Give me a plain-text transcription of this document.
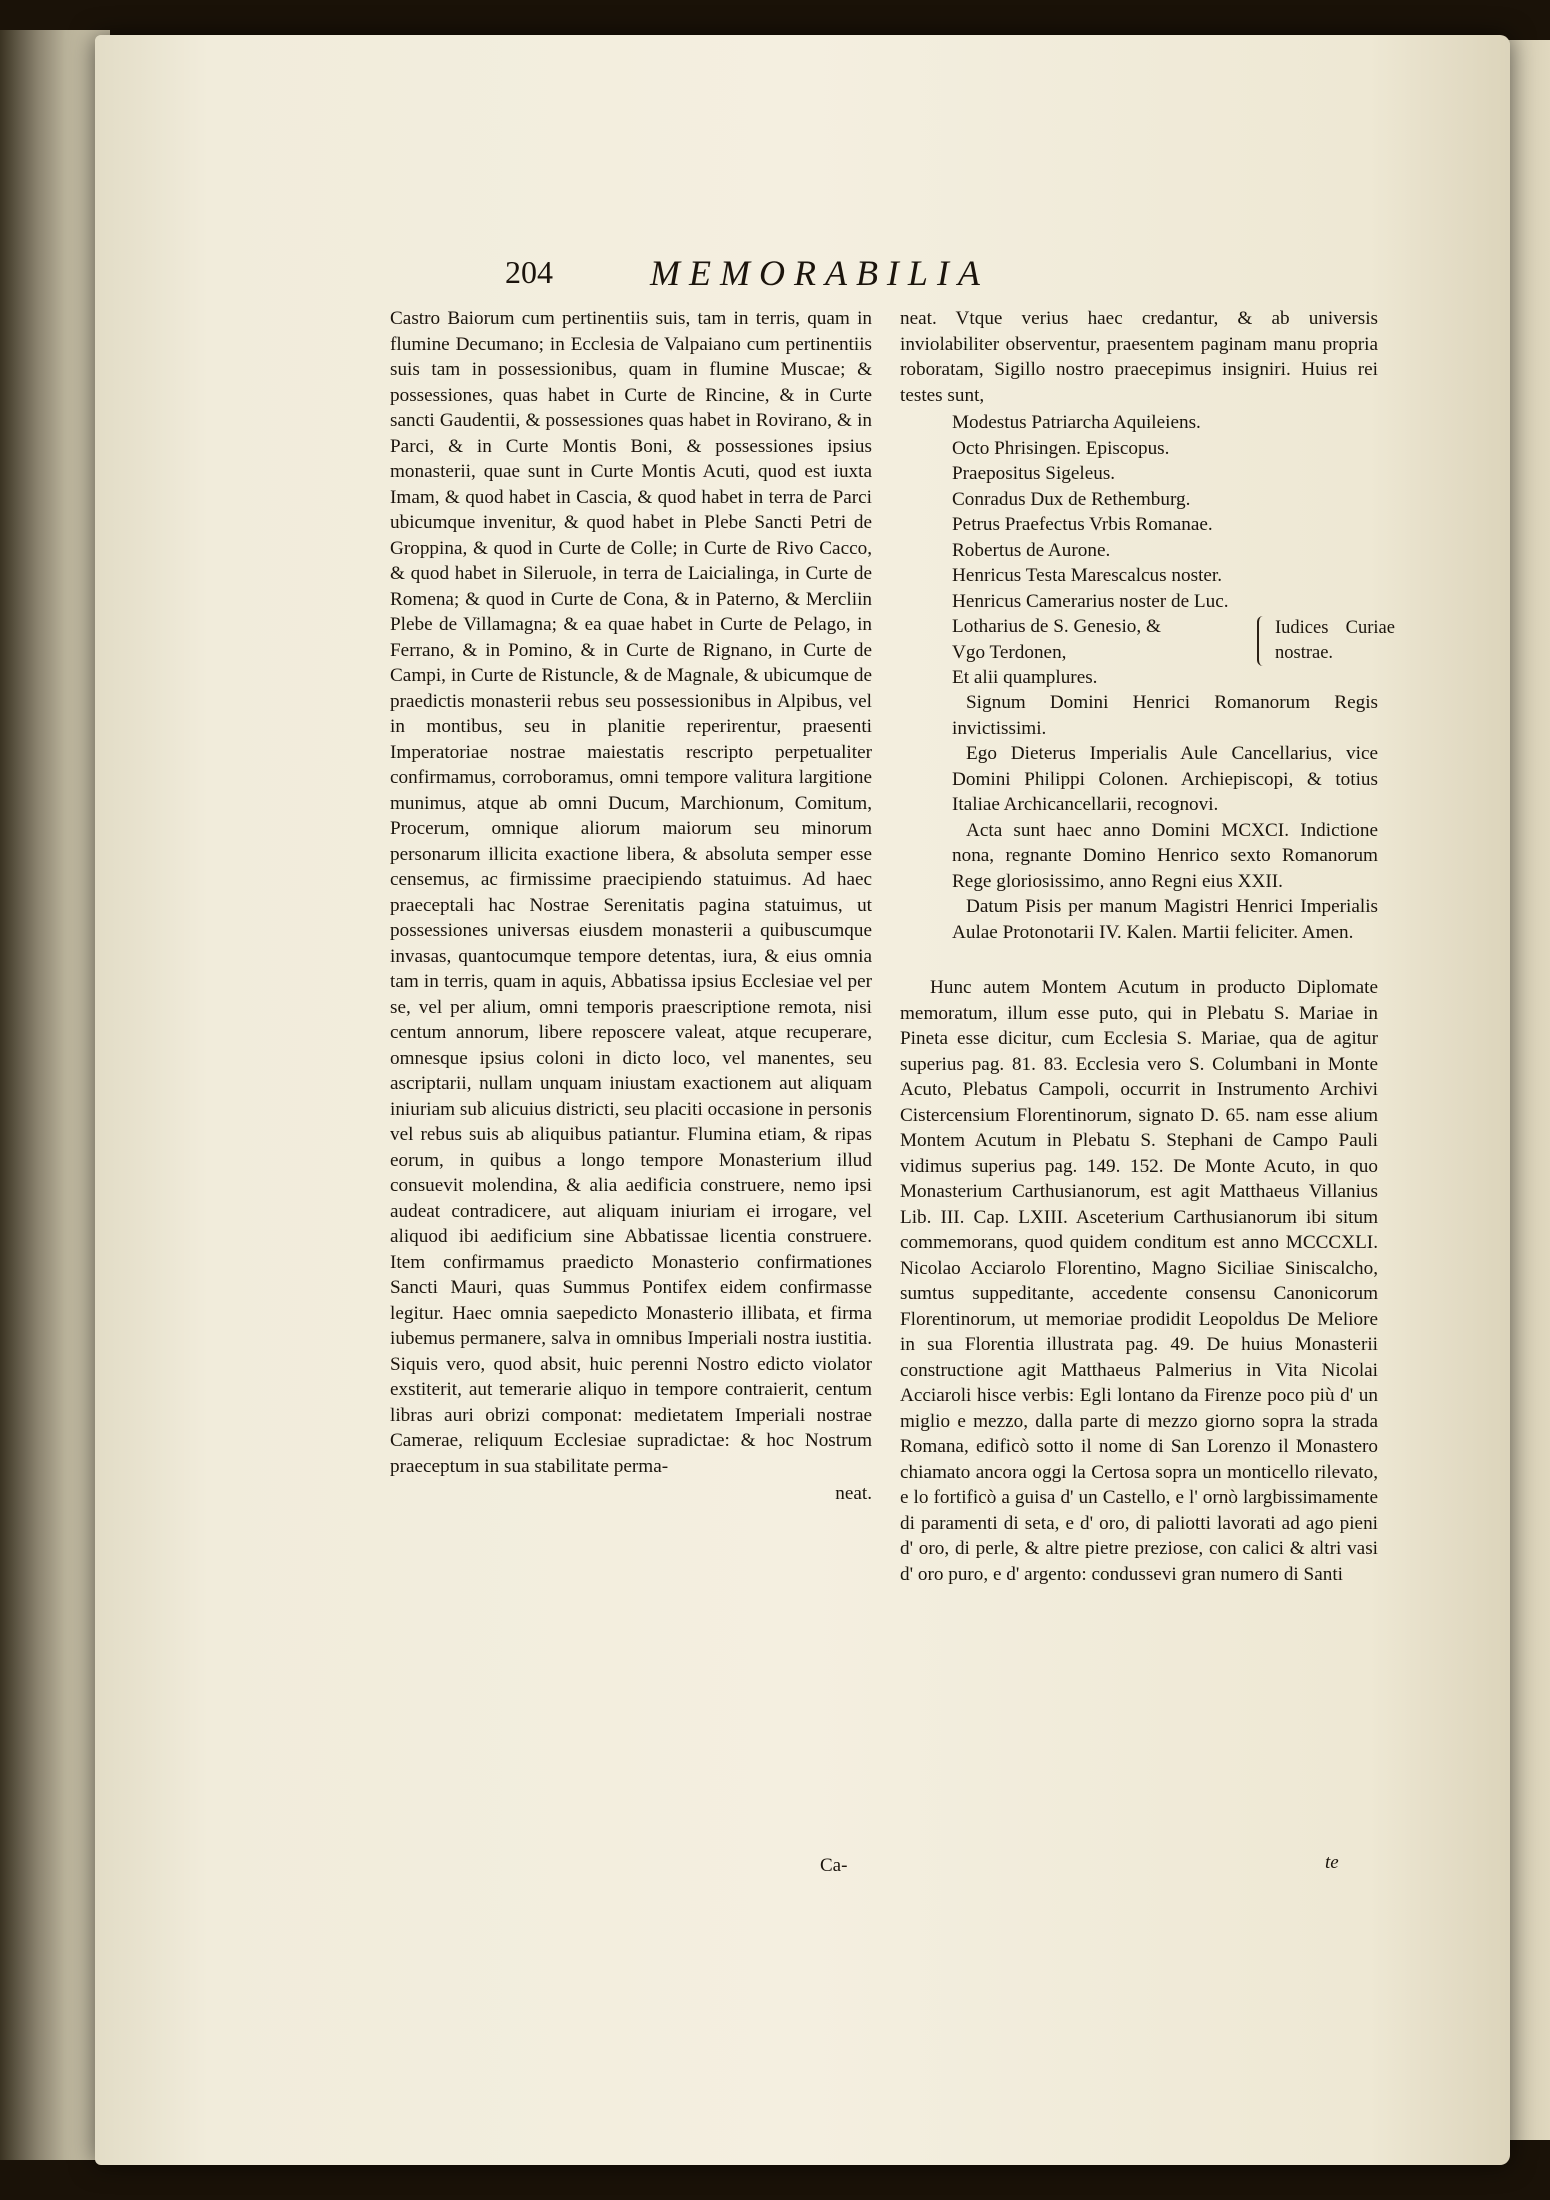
204	MEMORABILIA

Castro Baiorum cum pertinentiis suis, tam in terris, quam in flumine Decumano; in Ecclesia de Valpaiano cum pertinentiis suis tam in possessionibus, quam in flumine Muscae; & possessiones, quas habet in Curte de Rincine, & in Curte sancti Gaudentii, & possessiones quas habet in Rovirano, & in Parci, & in Curte Montis Boni, & possessiones ipsius monasterii, quae sunt in Curte Montis Acuti, quod est iuxta Imam, & quod habet in Cascia, & quod habet in terra de Parci ubicumque invenitur, & quod habet in Plebe Sancti Petri de Groppina, & quod in Curte de Colle; in Curte de Rivo Cacco, & quod habet in Sileruole, in terra de Laicialinga, in Curte de Romena; & quod in Curte de Cona, & in Paterno, & Mercliin Plebe de Villamagna; & ea quae habet in Curte de Pelago, in Ferrano, & in Pomino, & in Curte de Rignano, in Curte de Campi, in Curte de Ristuncle, & de Magnale, & ubicumque de praedictis monasterii rebus seu possessionibus in Alpibus, vel in montibus, seu in planitie reperirentur, praesenti Imperatoriae nostrae maiestatis rescripto perpetualiter confirmamus, corroboramus, omni tempore valitura largitione munimus, atque ab omni Ducum, Marchionum, Comitum, Procerum, omnique aliorum maiorum seu minorum personarum illicita exactione libera, & absoluta semper esse censemus, ac firmissime praecipiendo statuimus. Ad haec praeceptali hac Nostrae Serenitatis pagina statuimus, ut possessiones universas eiusdem monasterii a quibuscumque invasas, quantocumque tempore detentas, iura, & eius omnia tam in terris, quam in aquis, Abbatissa ipsius Ecclesiae vel per se, vel per alium, omni temporis praescriptione remota, nisi centum annorum, libere reposcere valeat, atque recuperare, omnesque ipsius coloni in dicto loco, vel manentes, seu ascriptarii, nullam unquam iniustam exactionem aut aliquam iniuriam sub alicuius districti, seu placiti occasione in personis vel rebus suis ab aliquibus patiantur. Flumina etiam, & ripas eorum, in quibus a longo tempore Monasterium illud consuevit molendina, & alia aedificia construere, nemo ipsi audeat contradicere, aut aliquam iniuriam ei irrogare, vel aliquod ibi aedificium sine Abbatissae licentia construere. Item confirmamus praedicto Monasterio confirmationes Sancti Mauri, quas Summus Pontifex eidem confirmasse legitur. Haec omnia saepedicto Monasterio illibata, et firma iubemus permanere, salva in omnibus Imperiali nostra iustitia. Siquis vero, quod absit, huic perenni Nostro edicto violator exstiterit, aut temerarie aliquo in tempore contraierit, centum libras auri obrizi componat: medietatem Imperiali nostrae Camerae, reliquum Ecclesiae supradictae: & hoc Nostrum praeceptum in sua stabilitate perma-

neat.

neat. Vtque verius haec credantur, & ab universis inviolabiliter observentur, praesentem paginam manu propria roboratam, Sigillo nostro praecepimus insigniri. Huius rei testes sunt,

Modestus Patriarcha Aquileiens.
Octo Phrisingen. Episcopus.
Praepositus Sigeleus.
Conradus Dux de Rethemburg.
Petrus Praefectus Vrbis Romanae.
Robertus de Aurone.
Henricus Testa Marescalcus noster.
Henricus Camerarius noster de Luc.
Lotharius de S. Genesio, &
Vgo Terdonen,
Et alii quamplures.
Iudices Curiae nostrae.
Signum Domini Henrici Romanorum Regis invictissimi.
Ego Dieterus Imperialis Aule Cancellarius, vice Domini Philippi Colonen. Archiepiscopi, & totius Italiae Archicancellarii, recognovi.
Acta sunt haec anno Domini MCXCI. Indictione nona, regnante Domino Henrico sexto Romanorum Rege gloriosissimo, anno Regni eius XXII.
Datum Pisis per manum Magistri Henrici Imperialis Aulae Protonotarii IV. Kalen. Martii feliciter. Amen.

Hunc autem Montem Acutum in producto Diplomate memoratum, illum esse puto, qui in Plebatu S. Mariae in Pineta esse dicitur, cum Ecclesia S. Mariae, qua de agitur superius pag. 81. 83. Ecclesia vero S. Columbani in Monte Acuto, Plebatus Campoli, occurrit in Instrumento Archivi Cistercensium Florentinorum, signato D. 65. nam esse alium Montem Acutum in Plebatu S. Stephani de Campo Pauli vidimus superius pag. 149. 152. De Monte Acuto, in quo Monasterium Carthusianorum, est agit Matthaeus Villanius Lib. III. Cap. LXIII. Asceterium Carthusianorum ibi situm commemorans, quod quidem conditum est anno MCCCXLI. Nicolao Acciarolo Florentino, Magno Siciliae Siniscalcho, sumtus suppeditante, accedente consensu Canonicorum Florentinorum, ut memoriae prodidit Leopoldus De Meliore in sua Florentia illustrata pag. 49. De huius Monasterii constructione agit Matthaeus Palmerius in Vita Nicolai Acciaroli hisce verbis: Egli lontano da Firenze poco più d' un miglio e mezzo, dalla parte di mezzo giorno sopra la strada Romana, edificò sotto il nome di San Lorenzo il Monastero chiamato ancora oggi la Certosa sopra un monticello rilevato, e lo fortificò a guisa d' un Castello, e l' ornò largbissimamente di paramenti di seta, e d' oro, di paliotti lavorati ad ago pieni d' oro, di perle, & altre pietre preziose, con calici & altri vasi d' oro puro, e d' argento: condussevi gran numero di Santi

Ca-	te
